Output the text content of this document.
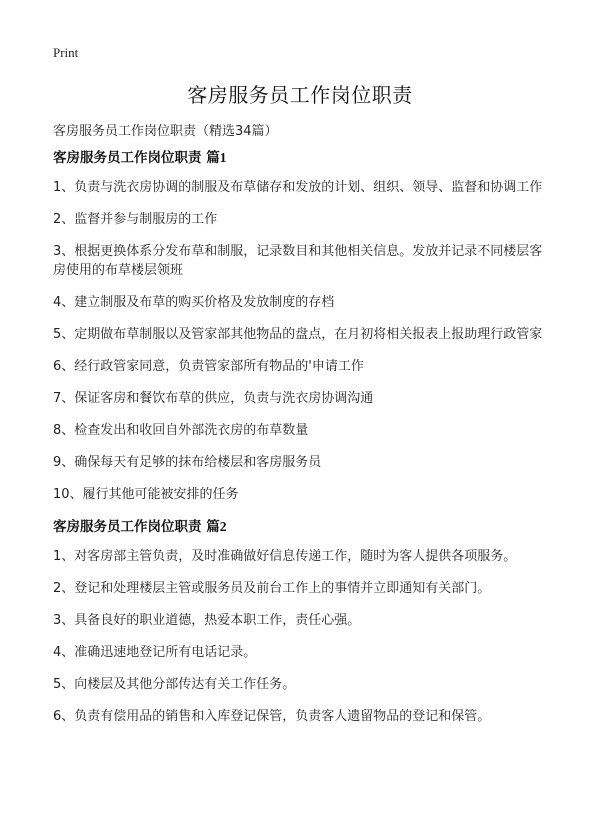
Print
客房服务员工作岗位职责
客房服务员工作岗位职责（精选34篇）
客房服务员工作岗位职责 篇1
1、负责与洗衣房协调的制服及布草储存和发放的计划、组织、领导、监督和协调工作
2、监督并参与制服房的工作
3、根据更换体系分发布草和制服，记录数目和其他相关信息。发放并记录不同楼层客房使用的布草楼层领班
4、建立制服及布草的购买价格及发放制度的存档
5、定期做布草制服以及管家部其他物品的盘点，在月初将相关报表上报助理行政管家
6、经行政管家同意，负责管家部所有物品的'申请工作
7、保证客房和餐饮布草的供应，负责与洗衣房协调沟通
8、检查发出和收回自外部洗衣房的布草数量
9、确保每天有足够的抹布给楼层和客房服务员
10、履行其他可能被安排的任务
客房服务员工作岗位职责 篇2
1、对客房部主管负责，及时准确做好信息传递工作，随时为客人提供各项服务。
2、登记和处理楼层主管或服务员及前台工作上的事情并立即通知有关部门。
3、具备良好的职业道德，热爱本职工作，责任心强。
4、准确迅速地登记所有电话记录。
5、向楼层及其他分部传达有关工作任务。
6、负责有偿用品的销售和入库登记保管，负责客人遗留物品的登记和保管。
